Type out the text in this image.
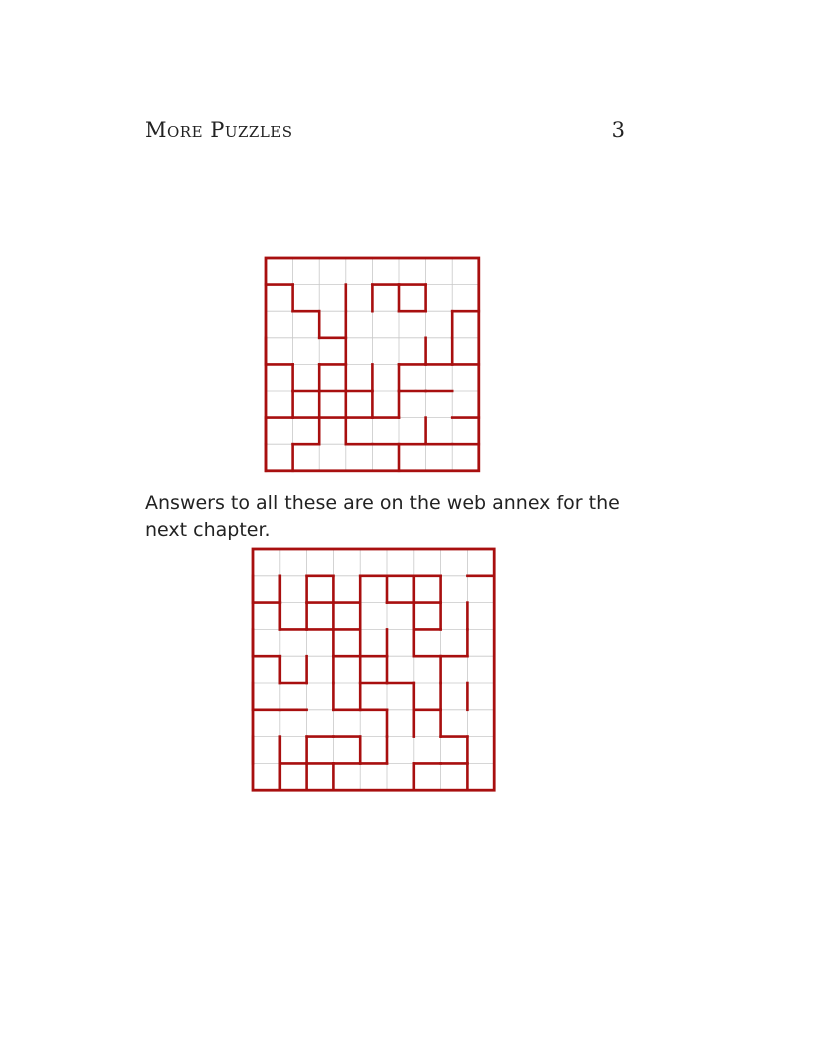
More Puzzles	3
Answers to all these are on the web annex for the next chapter.
